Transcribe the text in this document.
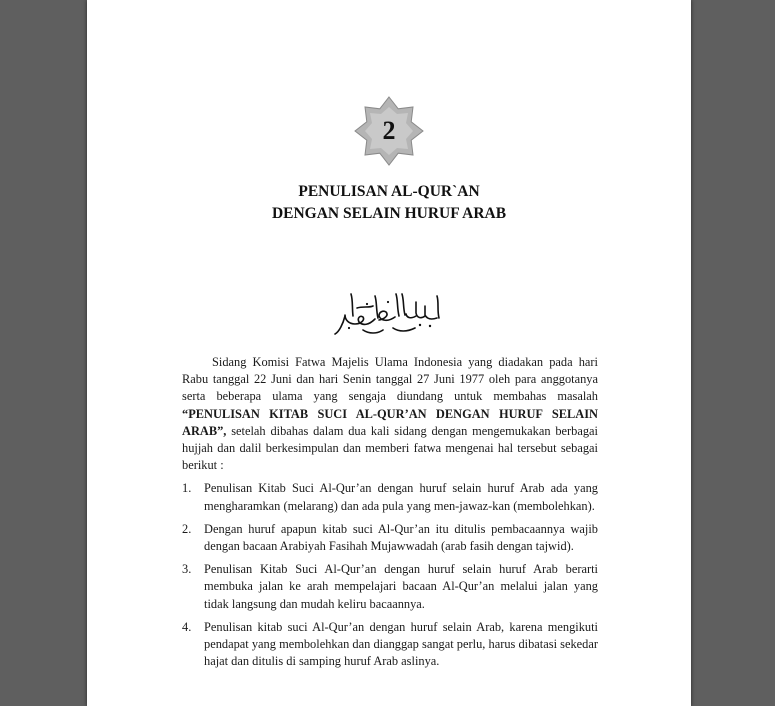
2
PENULISAN AL-QUR`AN
DENGAN SELAIN HURUF ARAB

Sidang Komisi Fatwa Majelis Ulama Indonesia yang diadakan pada hari Rabu tanggal 22 Juni dan hari Senin tanggal 27 Juni 1977 oleh para anggotanya serta beberapa ulama yang sengaja diundang untuk membahas masalah “PENULISAN KITAB SUCI AL-QUR’AN DENGAN HURUF SELAIN ARAB”, setelah dibahas dalam dua kali sidang dengan mengemukakan berbagai hujjah dan dalil berkesimpulan dan memberi fatwa mengenai hal tersebut sebagai berikut :

1. Penulisan Kitab Suci Al-Qur’an dengan huruf selain huruf Arab ada yang mengharamkan (melarang) dan ada pula yang men-jawaz-kan (membolehkan).
2. Dengan huruf apapun kitab suci Al-Qur’an itu ditulis pembacaannya wajib dengan bacaan Arabiyah Fasihah Mujawwadah (arab fasih dengan tajwid).
3. Penulisan Kitab Suci Al-Qur’an dengan huruf selain huruf Arab berarti membuka jalan ke arah mempelajari bacaan Al-Qur’an melalui jalan yang tidak langsung dan mudah keliru bacaannya.
4. Penulisan kitab suci Al-Qur’an dengan huruf selain Arab, karena mengikuti pendapat yang membolehkan dan dianggap sangat perlu, harus dibatasi sekedar hajat dan ditulis di samping huruf Arab aslinya.
